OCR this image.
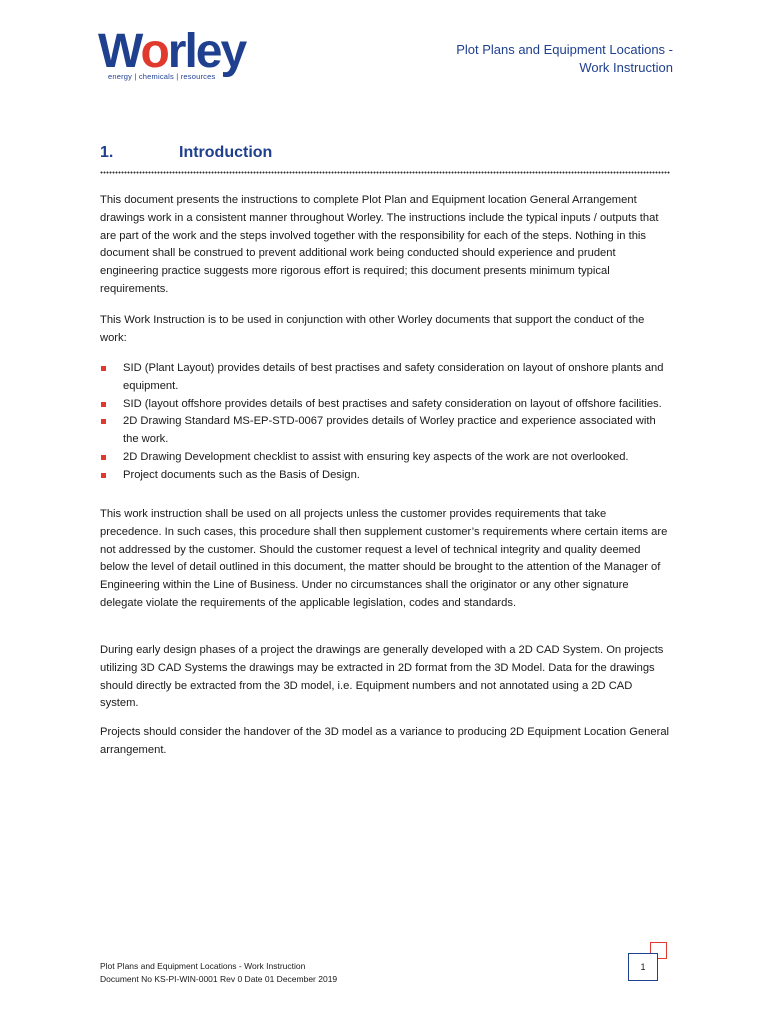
Worley
energy | chemicals | resources
Plot Plans and Equipment Locations -
Work Instruction
1.	Introduction

This document presents the instructions to complete Plot Plan and Equipment location General Arrangement drawings work in a consistent manner throughout Worley. The instructions include the typical inputs / outputs that are part of the work and the steps involved together with the responsibility for each of the steps. Nothing in this document shall be construed to prevent additional work being conducted should experience and prudent engineering practice suggests more rigorous effort is required; this document presents minimum typical requirements.

This Work Instruction is to be used in conjunction with other Worley documents that support the conduct of the work:

SID (Plant Layout) provides details of best practises and safety consideration on layout of onshore plants and equipment.
SID (layout offshore provides details of best practises and safety consideration on layout of offshore facilities.
2D Drawing Standard MS-EP-STD-0067 provides details of Worley practice and experience associated with the work.
2D Drawing Development checklist to assist with ensuring key aspects of the work are not overlooked.
Project documents such as the Basis of Design.

This work instruction shall be used on all projects unless the customer provides requirements that take precedence. In such cases, this procedure shall then supplement customer’s requirements where certain items are not addressed by the customer. Should the customer request a level of technical integrity and quality deemed below the level of detail outlined in this document, the matter should be brought to the attention of the Manager of Engineering within the Line of Business. Under no circumstances shall the originator or any other signature delegate violate the requirements of the applicable legislation, codes and standards.

During early design phases of a project the drawings are generally developed with a 2D CAD System. On projects utilizing 3D CAD Systems the drawings may be extracted in 2D format from the 3D Model. Data for the drawings should directly be extracted from the 3D model, i.e. Equipment numbers and not annotated using a 2D CAD system.

Projects should consider the handover of the 3D model as a variance to producing 2D Equipment Location General arrangement.

Plot Plans and Equipment Locations - Work Instruction
Document No KS-PI-WIN-0001 Rev 0 Date 01 December 2019
1
